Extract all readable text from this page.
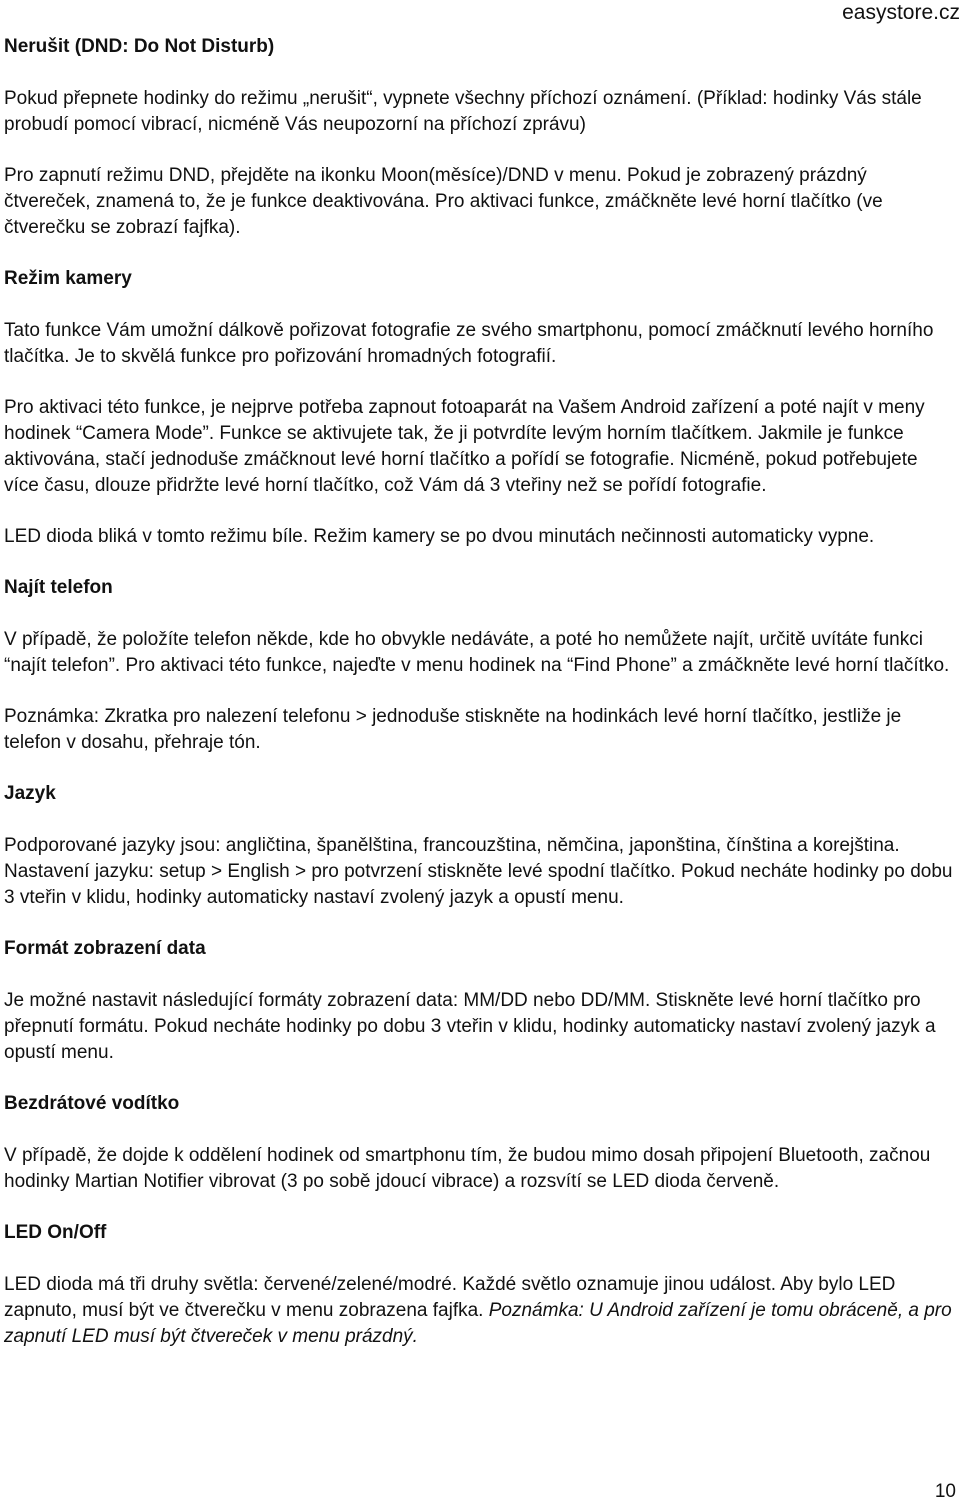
easystore.cz
Nerušit (DND: Do Not Disturb)

Pokud přepnete hodinky do režimu „nerušit“, vypnete všechny příchozí oznámení. (Příklad: hodinky Vás stále probudí pomocí vibrací, nicméně Vás neupozorní na příchozí zprávu)

Pro zapnutí režimu DND, přejděte na ikonku Moon(měsíce)/DND v menu. Pokud je zobrazený prázdný čtvereček, znamená to, že je funkce deaktivována. Pro aktivaci funkce, zmáčkněte levé horní tlačítko (ve čtverečku se zobrazí fajfka).

Režim kamery

Tato funkce Vám umožní dálkově pořizovat fotografie ze svého smartphonu, pomocí zmáčknutí levého horního tlačítka. Je to skvělá funkce pro pořizování hromadných fotografií.

Pro aktivaci této funkce, je nejprve potřeba zapnout fotoaparát na Vašem Android zařízení a poté najít v meny hodinek “Camera Mode”. Funkce se aktivujete tak, že ji potvrdíte levým horním tlačítkem. Jakmile je funkce aktivována, stačí jednoduše zmáčknout levé horní tlačítko a pořídí se fotografie. Nicméně, pokud potřebujete více času, dlouze přidržte levé horní tlačítko, což Vám dá 3 vteřiny než se pořídí fotografie.

LED dioda bliká v tomto režimu bíle. Režim kamery se po dvou minutách nečinnosti automaticky vypne.

Najít telefon

V případě, že položíte telefon někde, kde ho obvykle nedáváte, a poté ho nemůžete najít, určitě uvítáte funkci “najít telefon”. Pro aktivaci této funkce, najeďte v menu hodinek na “Find Phone” a zmáčkněte levé horní tlačítko.

Poznámka: Zkratka pro nalezení telefonu > jednoduše stiskněte na hodinkách levé horní tlačítko, jestliže je telefon v dosahu, přehraje tón.

Jazyk

Podporované jazyky jsou: angličtina, španělština, francouzština, němčina, japonština, čínština a korejština. Nastavení jazyku: setup > English > pro potvrzení stiskněte levé spodní tlačítko. Pokud necháte hodinky po dobu 3 vteřin v klidu, hodinky automaticky nastaví zvolený jazyk a opustí menu.

Formát zobrazení data

Je možné nastavit následující formáty zobrazení data: MM/DD nebo DD/MM. Stiskněte levé horní tlačítko pro přepnutí formátu. Pokud necháte hodinky po dobu 3 vteřin v klidu, hodinky automaticky nastaví zvolený jazyk a opustí menu.

Bezdrátové vodítko

V případě, že dojde k oddělení hodinek od smartphonu tím, že budou mimo dosah připojení Bluetooth, začnou hodinky Martian Notifier vibrovat (3 po sobě jdoucí vibrace) a rozsvítí se LED dioda červeně.

LED On/Off

LED dioda má tři druhy světla: červené/zelené/modré. Každé světlo oznamuje jinou událost. Aby bylo LED zapnuto, musí být ve čtverečku v menu zobrazena fajfka. Poznámka: U Android zařízení je tomu obráceně, a pro zapnutí LED musí být čtvereček v menu prázdný.

10
